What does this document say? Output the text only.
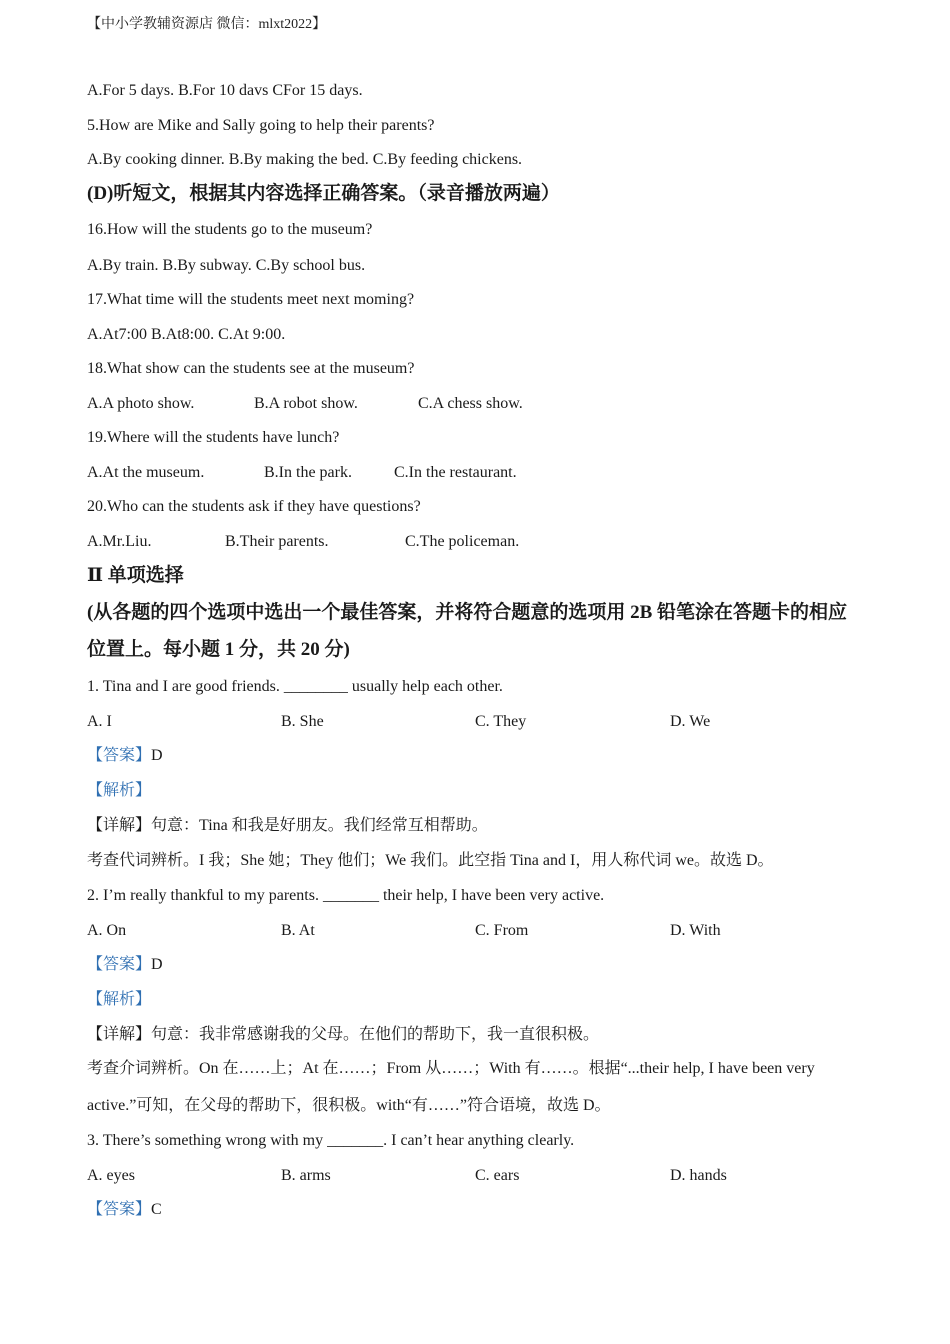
【中小学教辅资源店 微信：mlxt2022】
A.For 5 days. B.For 10 davs CFor 15 days.
5.How are Mike and Sally going to help their parents?
A.By cooking dinner. B.By making the bed. C.By feeding chickens.
(D)听短文，根据其内容选择正确答案。（录音播放两遍）
16.How will the students go to the museum?
A.By train. B.By subway. C.By school bus.
17.What time will the students meet next moming?
A.At7:00 B.At8:00. C.At 9:00.
18.What show can the students see at the museum?
A.A photo show.	B.A robot show.	C.A chess show.
19.Where will the students have lunch?
A.At the museum.	B.In the park.	C.In the restaurant.
20.Who can the students ask if they have questions?
A.Mr.Liu.	B.Their parents.	C.The policeman.
Ⅱ 单项选择
(从各题的四个选项中选出一个最佳答案，并将符合题意的选项用 2B 铅笔涂在答题卡的相应
位置上。每小题 1 分，共 20 分)
1. Tina and I are good friends. ________ usually help each other.
A. I	B. She	C. They	D. We
【答案】D
【解析】
【详解】句意：Tina 和我是好朋友。我们经常互相帮助。
考查代词辨析。I 我；She 她；They 他们；We 我们。此空指 Tina and I，用人称代词 we。故选 D。
2. I’m really thankful to my parents. _______ their help, I have been very active.
A. On	B. At	C. From	D. With
【答案】D
【解析】
【详解】句意：我非常感谢我的父母。在他们的帮助下，我一直很积极。
考查介词辨析。On 在……上；At 在……；From 从……；With 有……。根据“...their help, I have been very
active.”可知，在父母的帮助下，很积极。with“有……”符合语境，故选 D。
3. There’s something wrong with my _______. I can’t hear anything clearly.
A. eyes	B. arms	C. ears	D. hands
【答案】C
